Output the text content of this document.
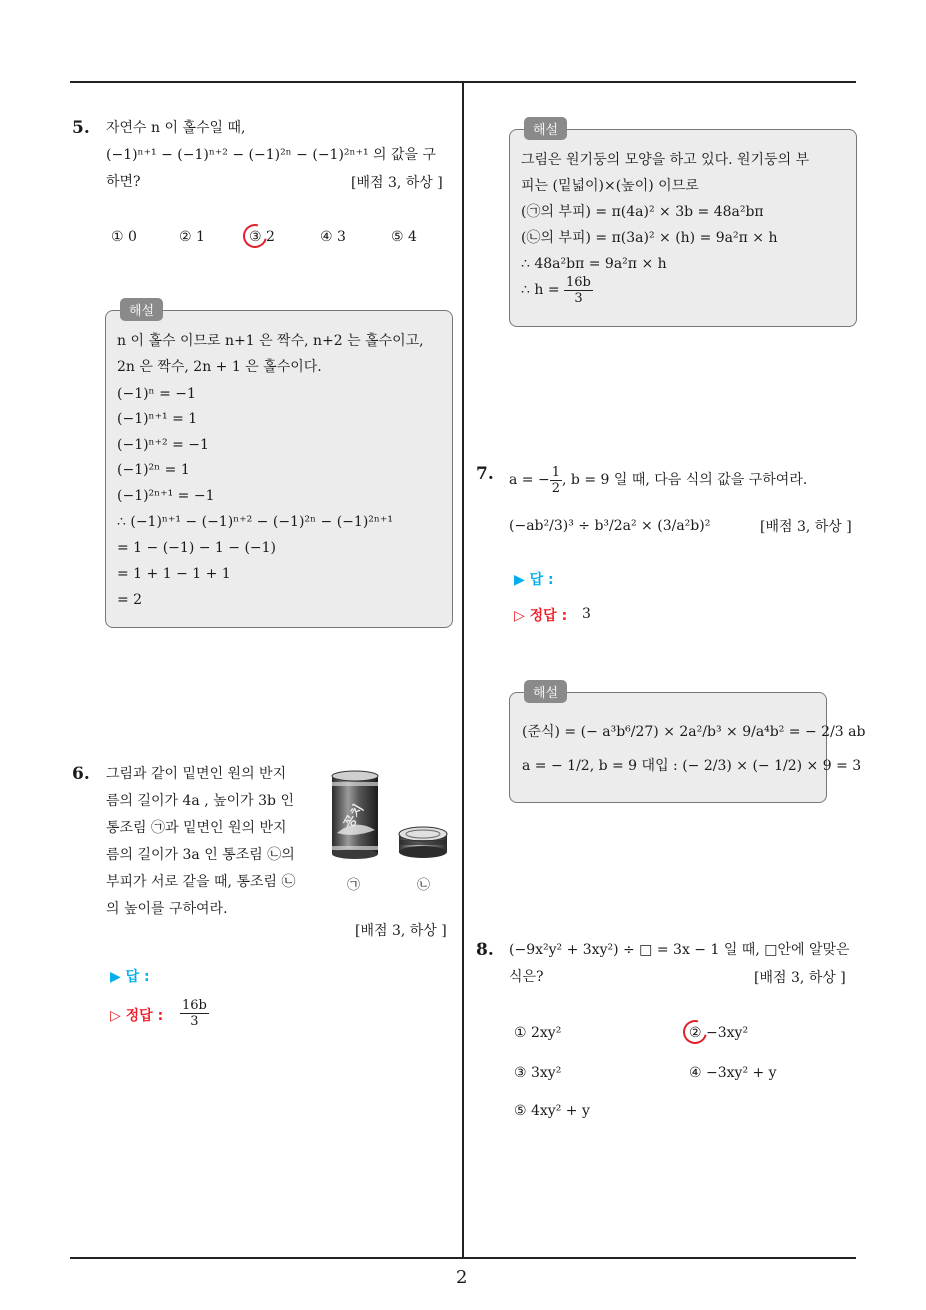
5. 자연수 n 이 홀수일 때,
(−1)ⁿ⁺¹ − (−1)ⁿ⁺² − (−1)²ⁿ − (−1)²ⁿ⁺¹ 의 값을 구
하면?	[배점 3, 하상 ]
① 0	② 1	③ 2	④ 3	⑤ 4
해설
n 이 홀수 이므로 n+1 은 짝수, n+2 는 홀수이고,
2n 은 짝수, 2n + 1 은 홀수이다.
(−1)ⁿ = −1
(−1)ⁿ⁺¹ = 1
(−1)ⁿ⁺² = −1
(−1)²ⁿ = 1
(−1)²ⁿ⁺¹ = −1
∴ (−1)ⁿ⁺¹ − (−1)ⁿ⁺² − (−1)²ⁿ − (−1)²ⁿ⁺¹
= 1 − (−1) − 1 − (−1)
= 1 + 1 − 1 + 1
= 2
6. 그림과 같이 밑면인 원의 반지
름의 길이가 4a , 높이가 3b 인
통조림 ㉠과 밑면인 원의 반지
름의 길이가 3a 인 통조림 ㉡의
부피가 서로 같을 때, 통조림 ㉡
의 높이를 구하여라.
꽁치
㉠	㉡
[배점 3, 하상 ]
▶ 답 :
▷ 정답 : $\frac{16b}{3}$
해설
그림은 원기둥의 모양을 하고 있다. 원기둥의 부
피는 (밑넓이)×(높이) 이므로
(㉠의 부피) = π(4a)² × 3b = 48a²bπ
(㉡의 부피) = π(3a)² × (h) = 9a²π × h
∴ 48a²bπ = 9a²π × h
∴ $h = \frac{16b}{3}$
7. a = − $\frac{1}{2}$ , b = 9 일 때, 다음 식의 값을 구하여라.
(−ab²/3)³ ÷ b³/2a² × (3/a²b)²	[배점 3, 하상 ]
▶ 답 :
▷ 정답 : 3
해설
(준식) = (− a³b⁶/27) × 2a²/b³ × 9/a⁴b² = − 2/3 ab
a = − 1/2, b = 9 대입 : (− 2/3) × (− 1/2) × 9 = 3
8. (−9x²y² + 3xy²) ÷ □ = 3x − 1 일 때, □안에 알맞은
식은?	[배점 3, 하상 ]
① 2xy²	② −3xy²
③ 3xy²	④ −3xy² + y
⑤ 4xy² + y
2
